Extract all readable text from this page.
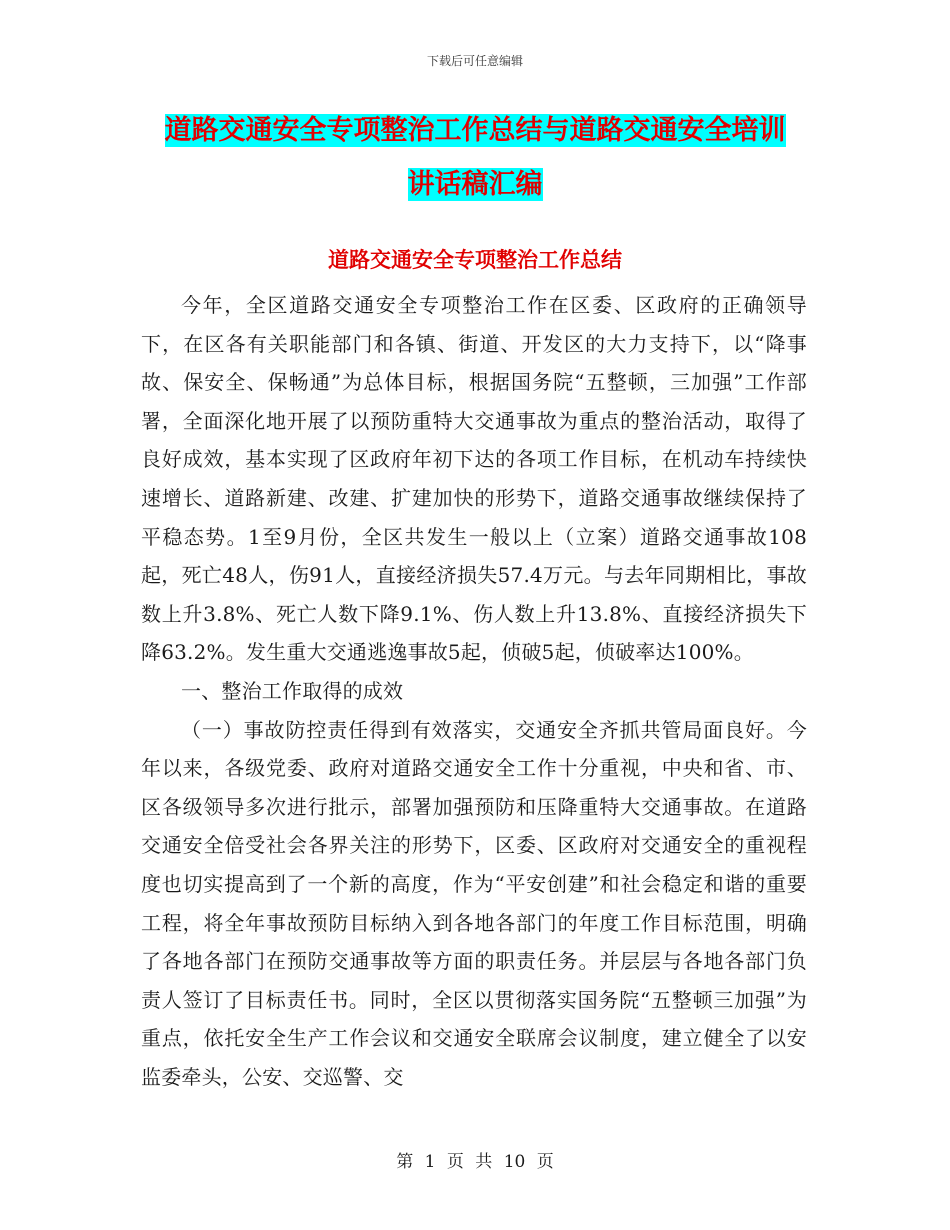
下载后可任意编辑
道路交通安全专项整治工作总结与道路交通安全培训
讲话稿汇编
道路交通安全专项整治工作总结

今年，全区道路交通安全专项整治工作在区委、区政府的正确领导下，在区各有关职能部门和各镇、街道、开发区的大力支持下，以“降事故、保安全、保畅通”为总体目标，根据国务院“五整顿，三加强”工作部署，全面深化地开展了以预防重特大交通事故为重点的整治活动，取得了良好成效，基本实现了区政府年初下达的各项工作目标，在机动车持续快速增长、道路新建、改建、扩建加快的形势下，道路交通事故继续保持了平稳态势。1至9月份，全区共发生一般以上（立案）道路交通事故108起，死亡48人，伤91人，直接经济损失57.4万元。与去年同期相比，事故数上升3.8%、死亡人数下降9.1%、伤人数上升13.8%、直接经济损失下降63.2%。发生重大交通逃逸事故5起，侦破5起，侦破率达100%。

一、整治工作取得的成效

（一）事故防控责任得到有效落实，交通安全齐抓共管局面良好。今年以来，各级党委、政府对道路交通安全工作十分重视，中央和省、市、区各级领导多次进行批示，部署加强预防和压降重特大交通事故。在道路交通安全倍受社会各界关注的形势下，区委、区政府对交通安全的重视程度也切实提高到了一个新的高度，作为“平安创建”和社会稳定和谐的重要工程，将全年事故预防目标纳入到各地各部门的年度工作目标范围，明确了各地各部门在预防交通事故等方面的职责任务。并层层与各地各部门负责人签订了目标责任书。同时，全区以贯彻落实国务院“五整顿三加强”为重点，依托安全生产工作会议和交通安全联席会议制度，建立健全了以安监委牵头，公安、交巡警、交

第 1 页 共 10 页
